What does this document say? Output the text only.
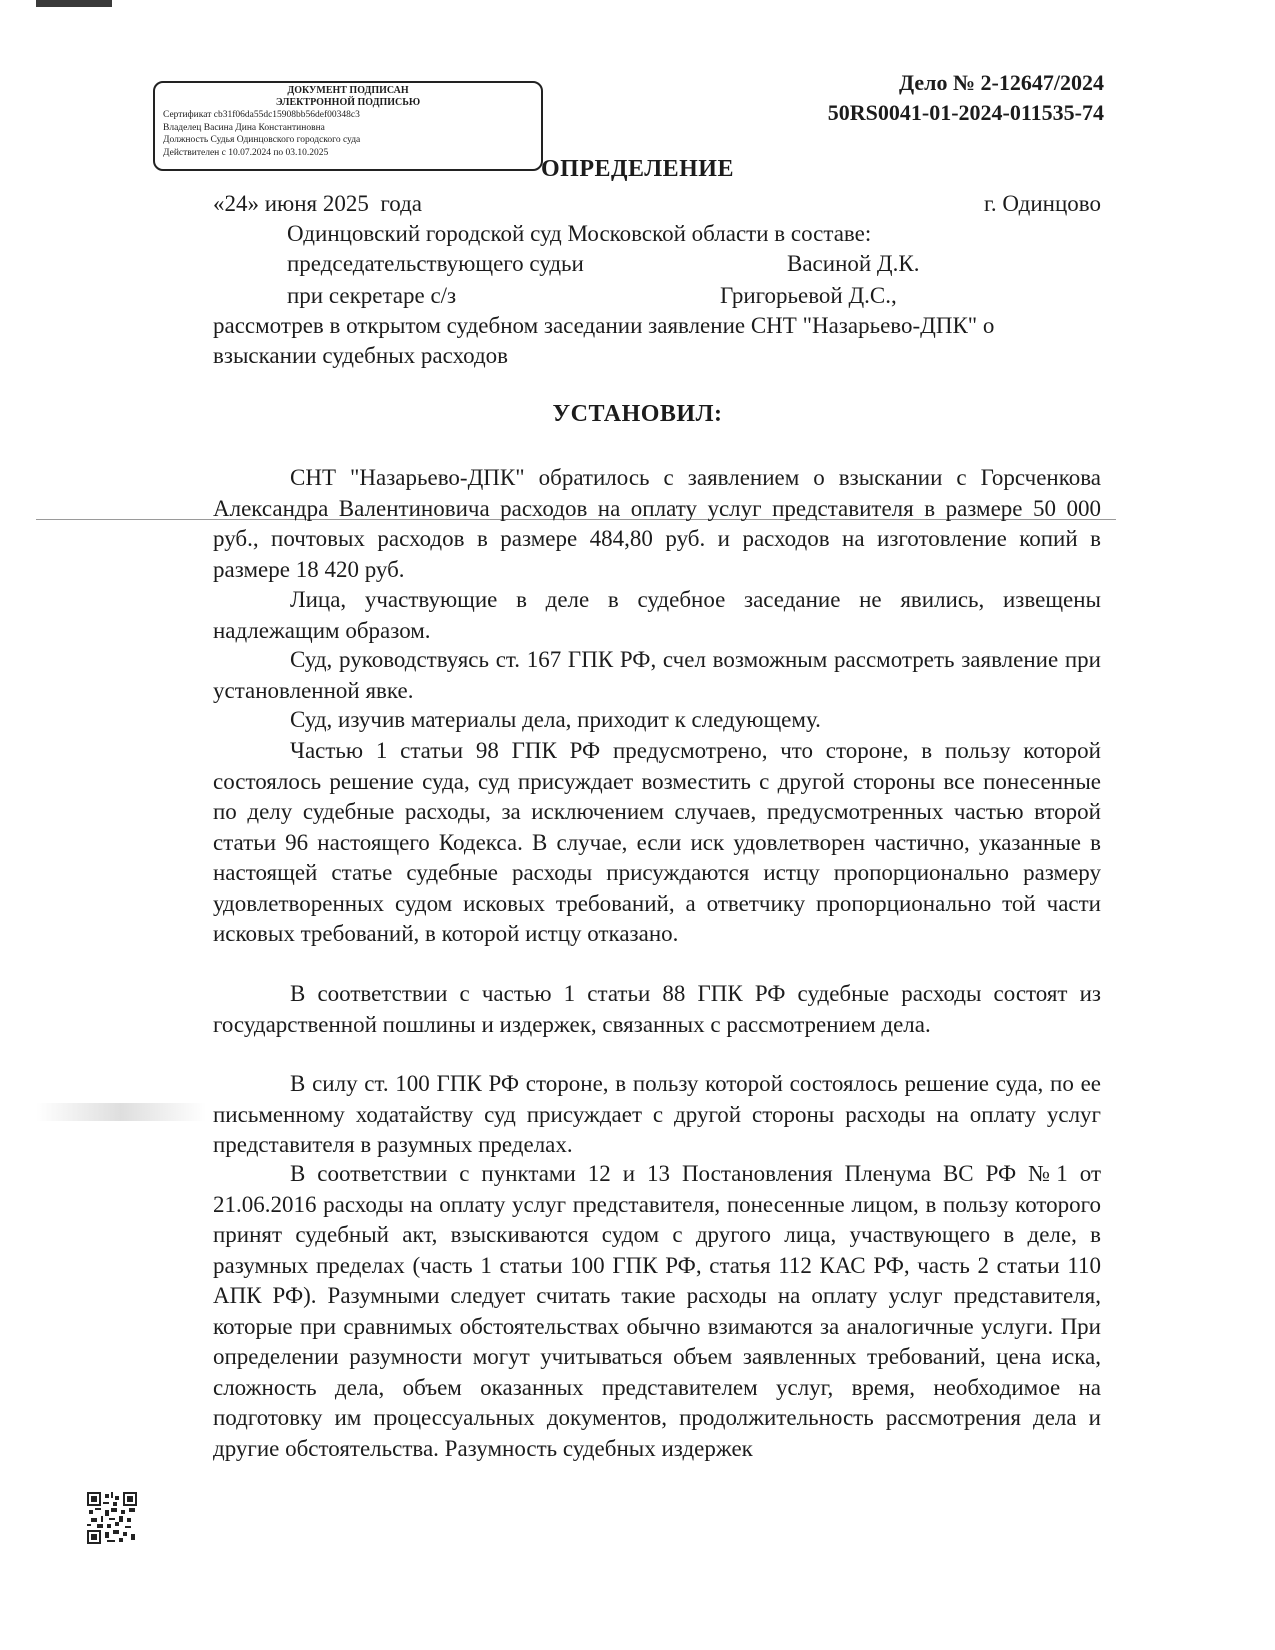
ДОКУМЕНТ ПОДПИСАН
ЭЛЕКТРОННОЙ ПОДПИСЬЮ
Сертификат cb31f06da55dc15908bb56def00348c3
Владелец Васина Дина Константиновна
Должность Судья Одинцовского городского суда
Действителен с 10.07.2024 по 03.10.2025
Дело № 2-12647/2024
50RS0041-01-2024-011535-74
ОПРЕДЕЛЕНИЕ
«24» июня 2025  года	г. Одинцово
Одинцовский городской суд Московской области в составе:
председательствующего судьи	Васиной Д.К.
при секретаре с/з	Григорьевой Д.С.,
рассмотрев в открытом судебном заседании заявление СНТ "Назарьево-ДПК" о взыскании судебных расходов
УСТАНОВИЛ:
СНТ "Назарьево-ДПК" обратилось с заявлением о взыскании с Горсченкова Александра Валентиновича расходов на оплату услуг представителя в размере 50 000 руб., почтовых расходов в размере 484,80 руб. и расходов на изготовление копий в размере 18 420 руб.
Лица, участвующие в деле в судебное заседание не явились, извещены надлежащим образом.
Суд, руководствуясь ст. 167 ГПК РФ, счел возможным рассмотреть заявление при установленной явке.
Суд, изучив материалы дела, приходит к следующему.
Частью 1 статьи 98 ГПК РФ предусмотрено, что стороне, в пользу которой состоялось решение суда, суд присуждает возместить с другой стороны все понесенные по делу судебные расходы, за исключением случаев, предусмотренных частью второй статьи 96 настоящего Кодекса. В случае, если иск удовлетворен частично, указанные в настоящей статье судебные расходы присуждаются истцу пропорционально размеру удовлетворенных судом исковых требований, а ответчику пропорционально той части исковых требований, в которой истцу отказано.
В соответствии с частью 1 статьи 88 ГПК РФ судебные расходы состоят из государственной пошлины и издержек, связанных с рассмотрением дела.
В силу ст. 100 ГПК РФ стороне, в пользу которой состоялось решение суда, по ее письменному ходатайству суд присуждает с другой стороны расходы на оплату услуг представителя в разумных пределах.
В соответствии с пунктами 12 и 13 Постановления Пленума ВС РФ №1 от 21.06.2016 расходы на оплату услуг представителя, понесенные лицом, в пользу которого принят судебный акт, взыскиваются судом с другого лица, участвующего в деле, в разумных пределах (часть 1 статьи 100 ГПК РФ, статья 112 КАС РФ, часть 2 статьи 110 АПК РФ). Разумными следует считать такие расходы на оплату услуг представителя, которые при сравнимых обстоятельствах обычно взимаются за аналогичные услуги. При определении разумности могут учитываться объем заявленных требований, цена иска, сложность дела, объем оказанных представителем услуг, время, необходимое на подготовку им процессуальных документов, продолжительность рассмотрения дела и другие обстоятельства. Разумность судебных издержек
